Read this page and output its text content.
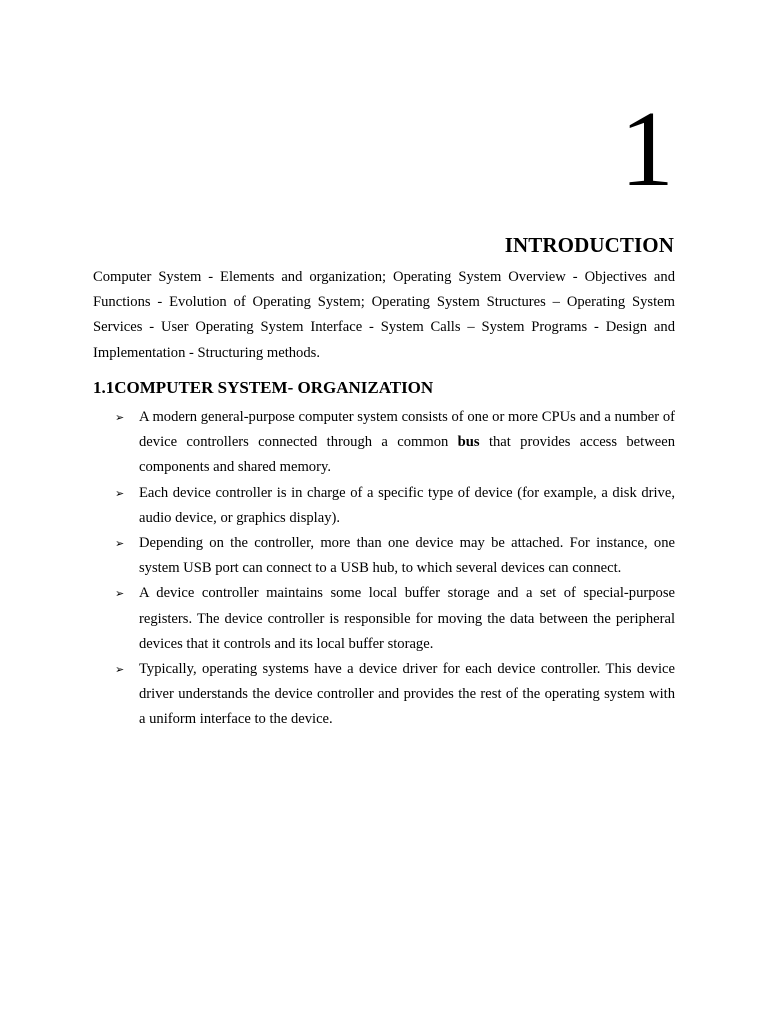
1
INTRODUCTION

Computer System - Elements and organization; Operating System Overview - Objectives and Functions - Evolution of Operating System; Operating System Structures – Operating System Services - User Operating System Interface - System Calls – System Programs - Design and Implementation - Structuring methods.

1.1COMPUTER SYSTEM- ORGANIZATION
➢ A modern general-purpose computer system consists of one or more CPUs and a number of device controllers connected through a common bus that provides access between components and shared memory.
➢ Each device controller is in charge of a specific type of device (for example, a disk drive, audio device, or graphics display).
➢ Depending on the controller, more than one device may be attached. For instance, one system USB port can connect to a USB hub, to which several devices can connect.
➢ A device controller maintains some local buffer storage and a set of special-purpose registers. The device controller is responsible for moving the data between the peripheral devices that it controls and its local buffer storage.
➢ Typically, operating systems have a device driver for each device controller. This device driver understands the device controller and provides the rest of the operating system with a uniform interface to the device.
